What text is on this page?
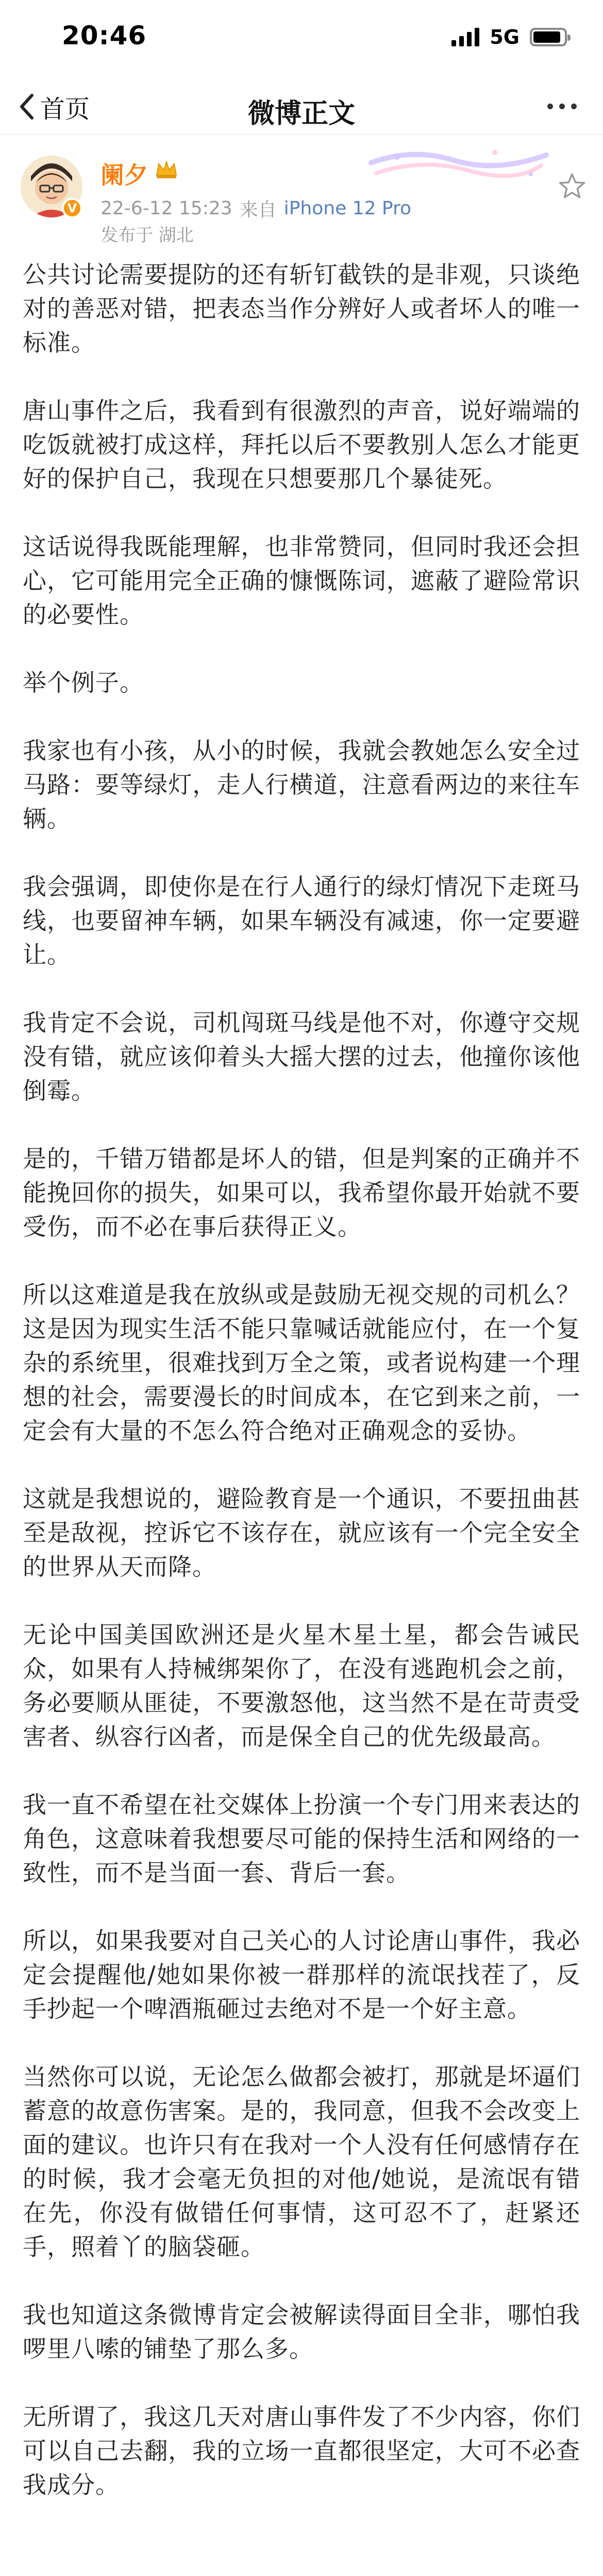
20:46	5G
首页	微博正文
V
阑夕
22-6-12 15:23 来自 iPhone 12 Pro
发布于 湖北

公共讨论需要提防的还有斩钉截铁的是非观，只谈绝对的善恶对错，把表态当作分辨好人或者坏人的唯一标准。

唐山事件之后，我看到有很激烈的声音，说好端端的吃饭就被打成这样，拜托以后不要教别人怎么才能更好的保护自己，我现在只想要那几个暴徒死。

这话说得我既能理解，也非常赞同，但同时我还会担心，它可能用完全正确的慷慨陈词，遮蔽了避险常识的必要性。

举个例子。

我家也有小孩，从小的时候，我就会教她怎么安全过马路：要等绿灯，走人行横道，注意看两边的来往车辆。

我会强调，即使你是在行人通行的绿灯情况下走斑马线，也要留神车辆，如果车辆没有减速，你一定要避让。

我肯定不会说，司机闯斑马线是他不对，你遵守交规没有错，就应该仰着头大摇大摆的过去，他撞你该他倒霉。

是的，千错万错都是坏人的错，但是判案的正确并不能挽回你的损失，如果可以，我希望你最开始就不要受伤，而不必在事后获得正义。

所以这难道是我在放纵或是鼓励无视交规的司机么？这是因为现实生活不能只靠喊话就能应付，在一个复杂的系统里，很难找到万全之策，或者说构建一个理想的社会，需要漫长的时间成本，在它到来之前，一定会有大量的不怎么符合绝对正确观念的妥协。

这就是我想说的，避险教育是一个通识，不要扭曲甚至是敌视，控诉它不该存在，就应该有一个完全安全的世界从天而降。

无论中国美国欧洲还是火星木星土星，都会告诫民众，如果有人持械绑架你了，在没有逃跑机会之前，务必要顺从匪徒，不要激怒他，这当然不是在苛责受害者、纵容行凶者，而是保全自己的优先级最高。

我一直不希望在社交媒体上扮演一个专门用来表达的角色，这意味着我想要尽可能的保持生活和网络的一致性，而不是当面一套、背后一套。

所以，如果我要对自己关心的人讨论唐山事件，我必定会提醒他/她如果你被一群那样的流氓找茬了，反手抄起一个啤酒瓶砸过去绝对不是一个好主意。

当然你可以说，无论怎么做都会被打，那就是坏逼们蓄意的故意伤害案。是的，我同意，但我不会改变上面的建议。也许只有在我对一个人没有任何感情存在的时候，我才会毫无负担的对他/她说，是流氓有错在先，你没有做错任何事情，这可忍不了，赶紧还手，照着丫的脑袋砸。

我也知道这条微博肯定会被解读得面目全非，哪怕我啰里八嗦的铺垫了那么多。

无所谓了，我这几天对唐山事件发了不少内容，你们可以自己去翻，我的立场一直都很坚定，大可不必查我成分。
